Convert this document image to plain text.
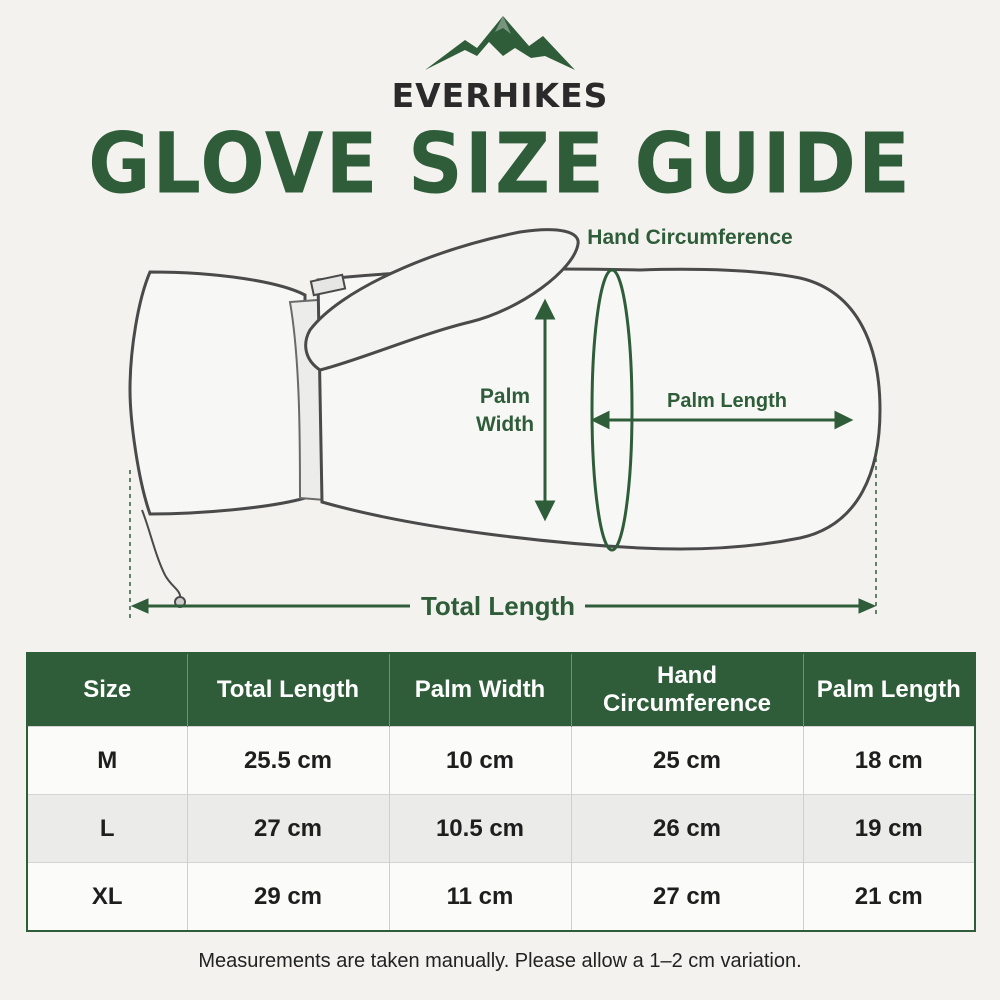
EVERHIKES
GLOVE SIZE GUIDE
Hand Circumference
Palm
Width
Palm Length
Total Length
Size	Total Length	Palm Width	Hand Circumference	Palm Length
M	25.5 cm	10 cm	25 cm	18 cm
L	27 cm	10.5 cm	26 cm	19 cm
XL	29 cm	11 cm	27 cm	21 cm
Measurements are taken manually. Please allow a 1–2 cm variation.
